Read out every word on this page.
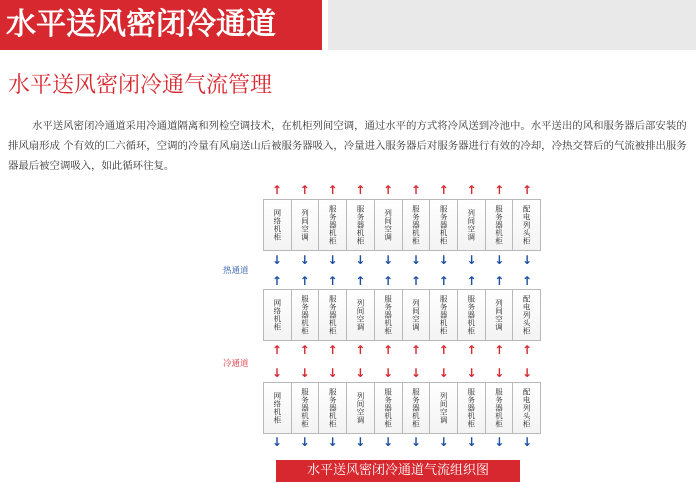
水平送风密闭冷通道
水平送风密闭冷通气流管理

水平送风密闭冷通道采用冷通道隔离和列检空调技术，在机柜列间空调，通过水平的方式将冷风送到冷池中。水平送出的风和服务器后部安装的排风扇形成 个有效的匚六循环，空调的冷量有风扇送山后被服务器吸入，冷量进入服务器后对服务器进行有效的冷却，冷热交替后的气流被排出服务器最后被空调吸入，如此循环往复。

↑ ↑ ↑ ↑ ↑ ↑ ↑ ↑ ↑ ↑
网络机柜 列间空调 服务器机柜 服务器机柜 列间空调 服务器机柜 服务器机柜 列间空调 服务器机柜 配电列头柜
↓ ↓ ↓ ↓ ↓ ↓ ↓ ↓ ↓ ↓
热通道
↑ ↑ ↑ ↑ ↑ ↑ ↑ ↑ ↑ ↑
网络机柜 服务器机柜 服务器机柜 列间空调 服务器机柜 列间空调 服务器机柜 服务器机柜 列间空调 配电列头柜
↑ ↑ ↑ ↑ ↑ ↑ ↑ ↑ ↑ ↑
冷通道
↓ ↓ ↓ ↓ ↓ ↓ ↓ ↓ ↓ ↓
网络机柜 服务器机柜 服务器机柜 列间空调 服务器机柜 服务器机柜 列间空调 服务器机柜 服务器机柜 配电列头柜
↓ ↓ ↓ ↓ ↓ ↓ ↓ ↓ ↓ ↓
水平送风密闭冷通道气流组织图
